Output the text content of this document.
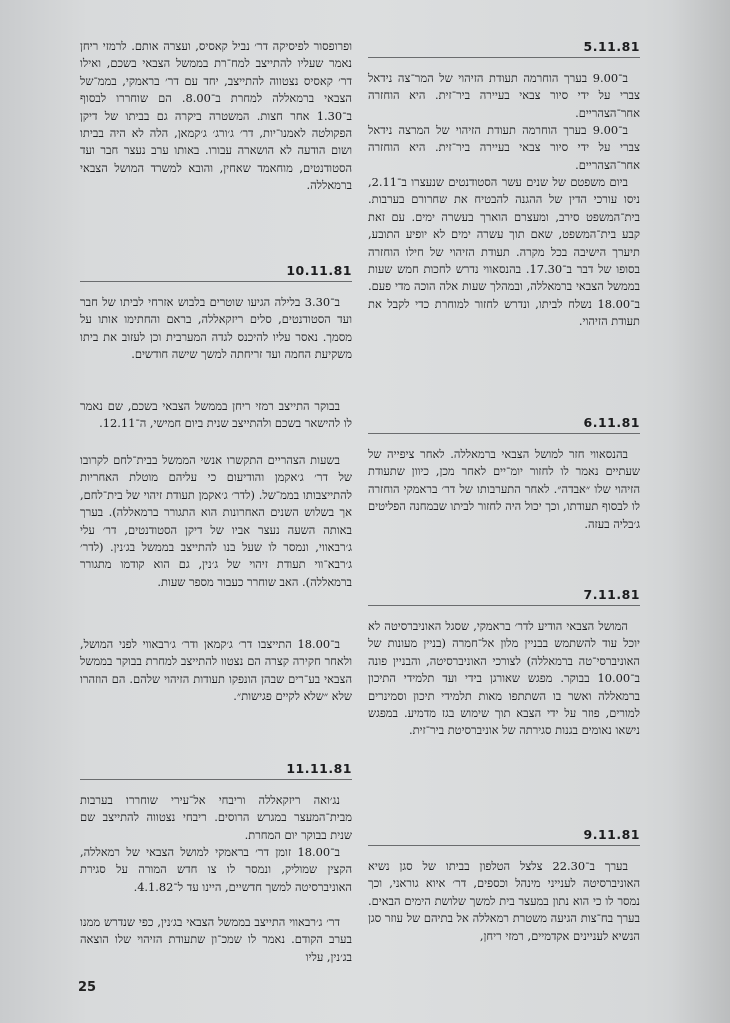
5.11.81

ב־9.00 בערך הוחרמה תעודת הזיהוי של המר־צה נידאל צברי על ידי סיור צבאי בעיירה ביר־זית. היא הוחזרה אחר־הצהריים.

ב־9.00 בערך הוחרמה תעודת הזיהוי של המרצה נידאל צברי על ידי סיור צבאי בעיירה ביר־זית. היא הוחזרה אחר־הצהריים.

ביום משפטם של שנים עשר הסטודנטים שנעצרו ב־2.11, ניסו עורכי הדין של ההגנה להבטיח את שחרורם בערבות. בית־המשפט סירב, ומעצרם הוארך בעשרה ימים. עם זאת קבע בית־המשפט, שאם תוך עשרה ימים לא יופיע התובע, תיערך הישיבה בכל מקרה. תעודת הזיהוי של חילו הוחזרה בסופו של דבר ב־17.30. בהנסאווי נדרש לחכות חמש שעות בממשל הצבאי ברמאללה, ובמהלך שעות אלה הוכה מדי פעם. ב־18.00 נשלח לביתו, ונדרש לחזור למוחרת כדי לקבל את תעודת הזיהוי.

6.11.81

בהנסאווי חזר למושל הצבאי ברמאללה. לאחר ציפייה של שעתיים נאמר לו לחזור יומ־יים לאחר מכן, כיוון שתעודת הזיהוי שלו ״אבדה״. לאחר התערבותו של דר׳ בראמקי הוחזרה לו לבסוף תעודתו, וכך יכול היה לחזור לביתו שבמחנה הפליטים ג׳בליה בעזה.

7.11.81

המושל הצבאי הודיע לדר׳ בראמקי, שסגל האוניברסיטה לא יוכל עוד להשתמש בבניין מלון אל־חמרה (בניין מעונות של האוניברסי־טה ברמאללה) לצורכי האוניברסיטה, והבניין פונה ב־10.00 בבוקר. מפגש שאורגן בידי ועד תלמידי התיכון ברמאללה ואשר בו השתתפו מאות תלמידי תיכון וסמינרים למורים, פוזר על ידי הצבא תוך שימוש בגז מדמיע. במפגש נישאו נאומים בגנות סגירתה של אוניברסיטת ביר־זית.

9.11.81

בערך ב־22.30 צלצל הטלפון בביתו של סגן נשיא האוניברסיטה לענייני מינהל וכספים, דר׳ איוא גוראני, וכך נמסר לו כי הוא נתון במעצר בית למשך שלושת הימים הבאים. בערך בח־צות הגיעה משטרת רמאללה אל בתיהם של עוזר סגן הנשיא לעניינים אקדמיים, רמזי ריחן,

ופרופסור לפיסיקה דר׳ נביל קאסיס, ועצרה אותם. לרמזי ריחן נאמר שעליו להתייצב למח־רת בממשל הצבאי בשכם, ואילו דר׳ קאסיס נצטווה להתייצב, יחד עם דר׳ בראמקי, בממ־של הצבאי ברמאללה למחרת ב־8.00. הם שוחררו לבסוף ב־1.30 אחר חצות. המשטרה ביקרה גם בביתו של דיקן הפקולטה לאמנו־יות, דר׳ ג׳ורג׳ ג׳קמאן, הלה לא היה בביתו ושום הודעה לא הושארה עבורו. באותו ערב נעצר חבר ועד הסטודנטים, מוחאמד שאחין, והובא למשרד המושל הצבאי ברמאללה.

10.11.81

ב־3.30 בלילה הגיעו שוטרים בלבוש אזרחי לביתו של חבר ועד הסטודנטים, סלים ריזקאללה, בראם והחתימו אותו על מסמך. נאסר עליו להיכנס לגדה המערבית וכן לעזוב את ביתו משקיעת החמה ועד זריחתה למשך שישה חודשים.

בבוקר התייצב רמזי ריחן בממשל הצבאי בשכם, שם נאמר לו להישאר בשכם ולהתייצב שנית ביום חמישי, ה־12.11.

בשעות הצהריים התקשרו אנשי הממשל בבית־לחם לקרובו של דר׳ ג׳אקמן והודיעום כי עליהם מוטלת האחריות להתייצבותו בממ־של. (לדר׳ ג׳אקמן תעודת זיהוי של בית־לחם, אך בשלוש השנים האחרונות הוא התגורר ברמאללה). בערך באותה השעה נעצר אביו של דיקן הסטודנטים, דר׳ עלי ג׳רבאווי, ונמסר לו שעל בנו להתייצב בממשל בג׳נין. (לדר׳ ג׳רבא־ווי תעודת זיהוי של ג׳נין, גם הוא קודמו מתגורר ברמאללה). האב שוחרר כעבור מספר שעות.

ב־18.00 התייצבו דר׳ ג׳קמאן ודר׳ ג׳רבאווי לפני המושל, ולאחר חקירה קצרה הם נצטוו להתייצב למחרת בבוקר בממשל הצבאי בע־רים שבהן הונפקו תעודות הזיהוי שלהם. הם הוזהרו שלא ״שלא לקיים פגישות״.

11.11.81

נג׳ואה ריזקאללה וריבחי אל־עירי שוחררו בערבות מבית־המעצר במגרש הרוסים. ריבחי נצטווה להתייצב שם שנית בבוקר יום המחרת.

ב־18.00 זומן דר׳ בראמקי למושל הצבאי של רמאללה, הקצין שמוליק, ונמסר לו צו חדש המורה על סגירת האוניברסיטה למשך חדשיים, היינו עד ל־4.1.82.

דר׳ ג׳רבאווי התייצב בממשל הצבאי בג׳נין, כפי שנדרש ממנו בערב הקודם. נאמר לו שמכ־ון שתעודת הזיהוי שלו הוצאה בג׳נין, עליו

25
